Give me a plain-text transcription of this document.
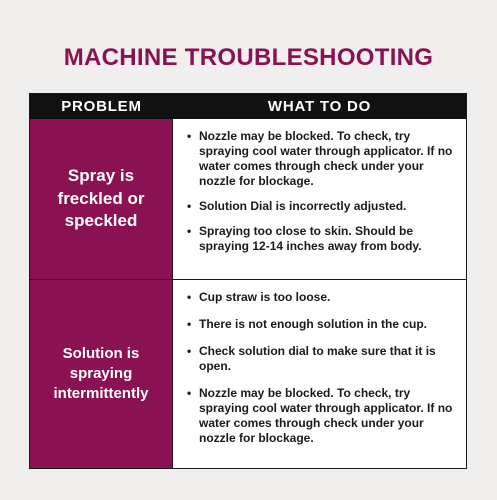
MACHINE TROUBLESHOOTING
PROBLEM	WHAT TO DO
Spray is freckled or speckled
• Nozzle may be blocked. To check, try spraying cool water through applicator. If no water comes through check under your nozzle for blockage.
• Solution Dial is incorrectly adjusted.
• Spraying too close to skin. Should be spraying 12-14 inches away from body.
Solution is spraying intermittently
• Cup straw is too loose.
• There is not enough solution in the cup.
• Check solution dial to make sure that it is open.
• Nozzle may be blocked. To check, try spraying cool water through applicator. If no water comes through check under your nozzle for blockage.
